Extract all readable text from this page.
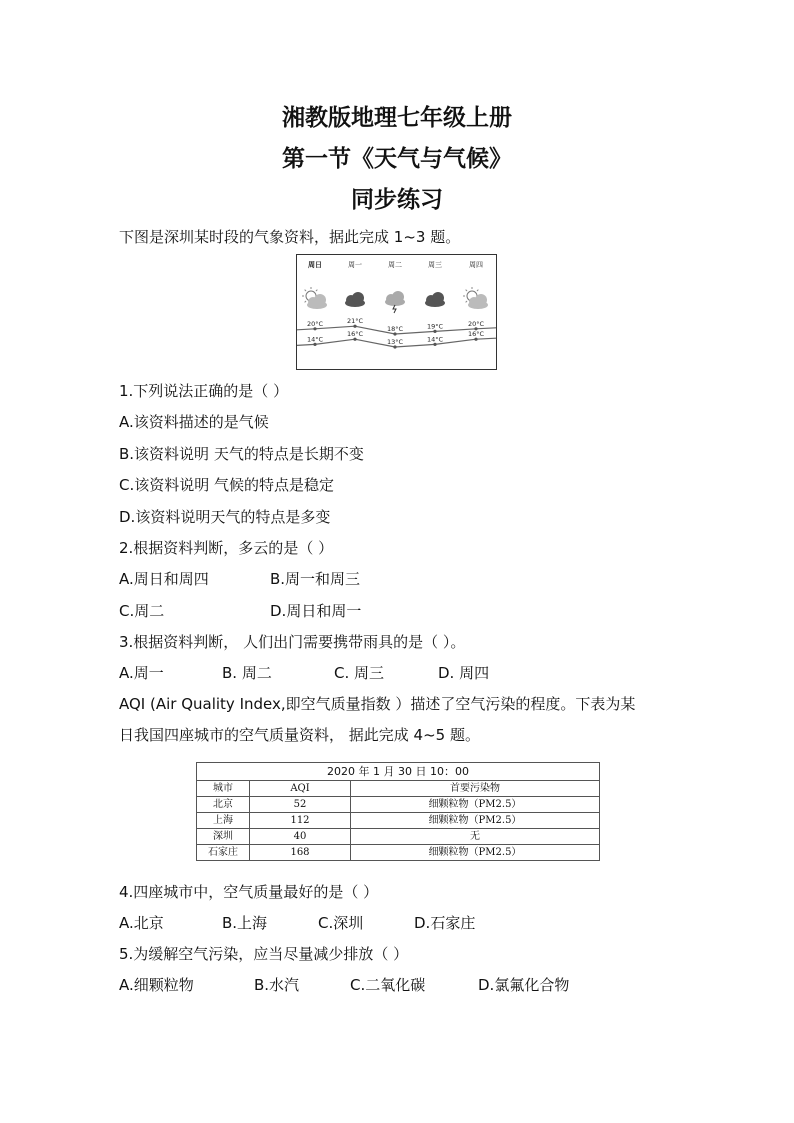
湘教版地理七年级上册
第一节《天气与气候》
同步练习
下图是深圳某时段的气象资料，据此完成 1~3 题。
周日	周一	周二	周三	周四
20°C	21°C
18°C	19°C	20°C
14°C
16°C
13°C	14°C
16°C
1.下列说法正确的是（ ）
A.该资料描述的是气候
B.该资料说明 天气的特点是长期不变
C.该资料说明 气候的特点是稳定
D.该资料说明天气的特点是多变
2.根据资料判断，多云的是（ ）
A.周日和周四	B.周一和周三
C.周二	D.周日和周一
3.根据资料判断， 人们出门需要携带雨具的是（ ）。
A.周一	B. 周二	C. 周三	D. 周四
AQI (Air Quality Index,即空气质量指数 ）描述了空气污染的程度。下表为某
日我国四座城市的空气质量资料， 据此完成 4~5 题。
2020 年 1 月 30 日 10：00		
城市	AQI	首要污染物
北京	52	细颗粒物（PM2.5）
上海	112	细颗粒物（PM2.5）
深圳	40	无
石家庄	168	细颗粒物（PM2.5）
4.四座城市中，空气质量最好的是（ ）
A.北京	B.上海	C.深圳	D.石家庄
5.为缓解空气污染，应当尽量减少排放（ ）
A.细颗粒物	B.水汽	C.二氧化碳	D.氯氟化合物
